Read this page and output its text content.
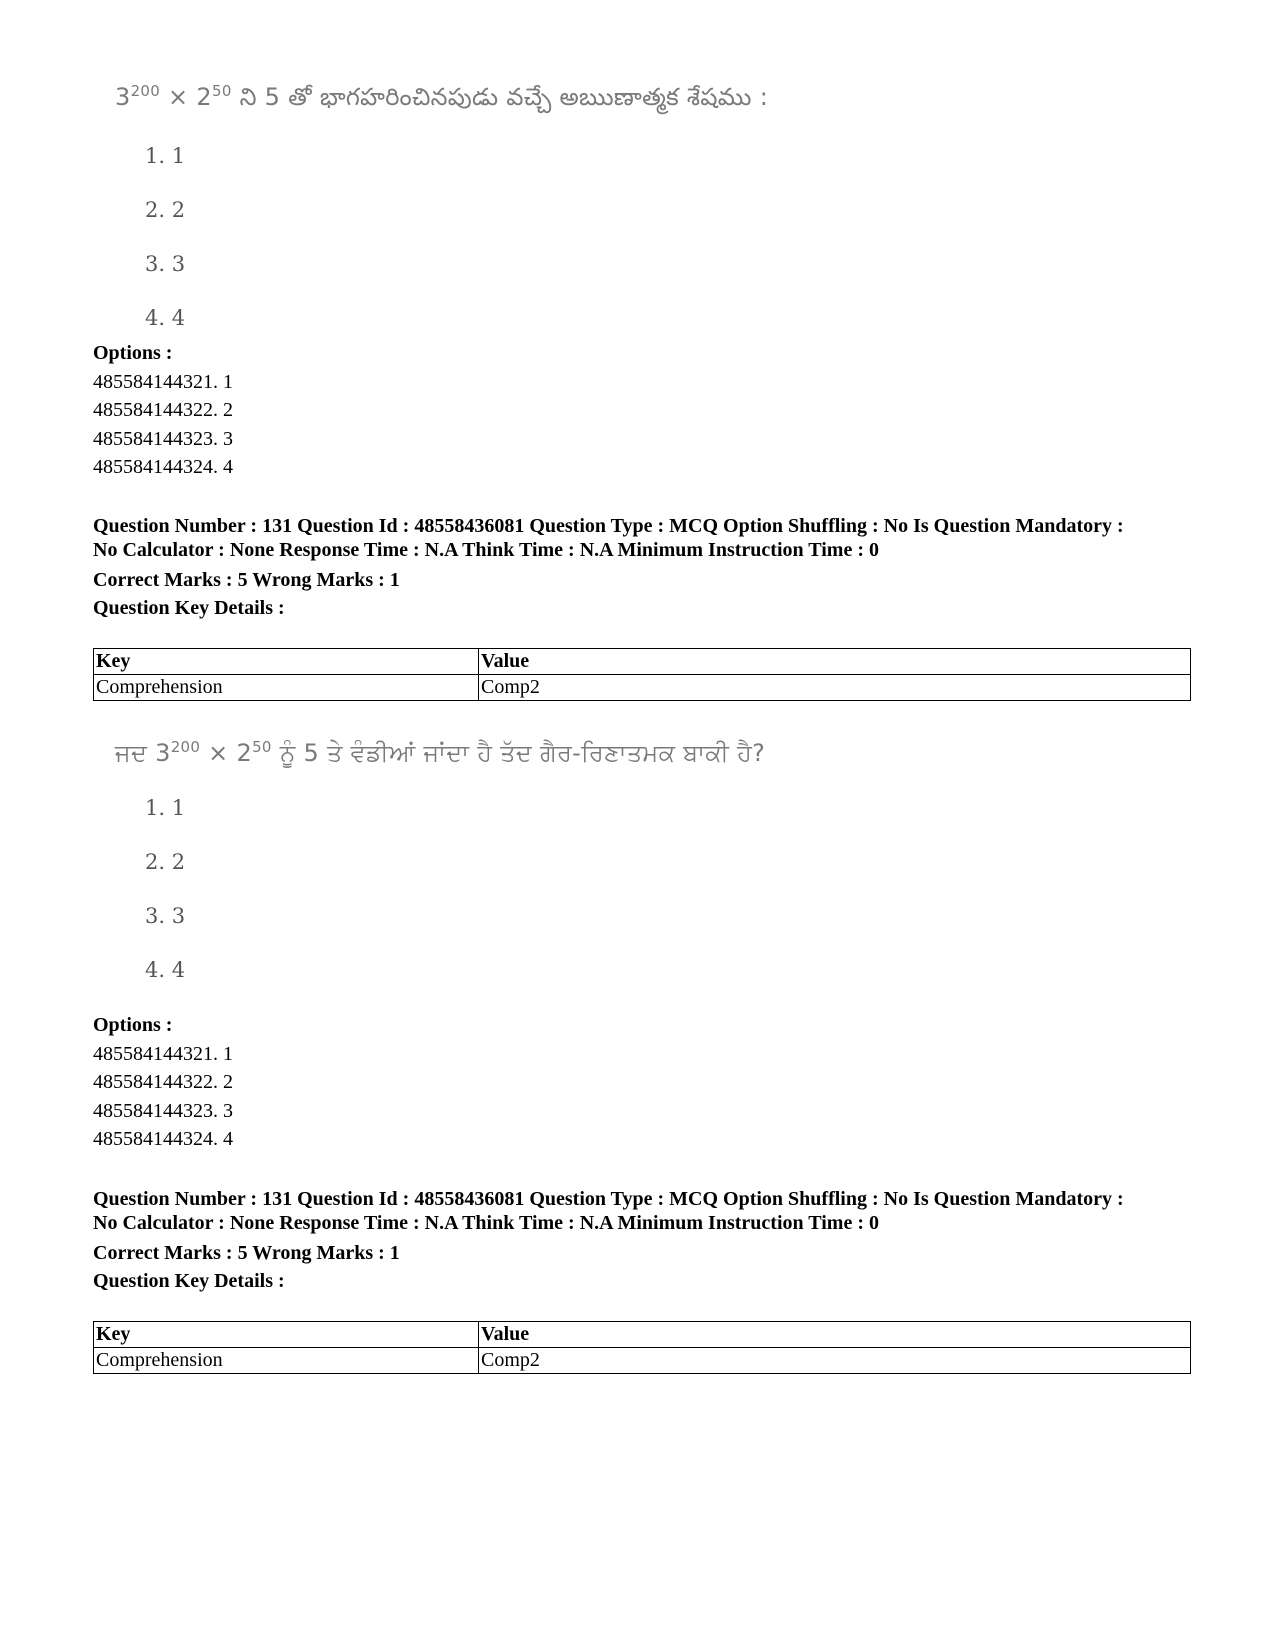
$3^{200} \times 2^{50}$ ని 5 తో భాగహరించినపుడు వచ్చే అఋణాత్మక శేషము :
1. 1
2. 2
3. 3
4. 4
Options :
485584144321. 1
485584144322. 2
485584144323. 3
485584144324. 4
Question Number : 131 Question Id : 48558436081 Question Type : MCQ Option Shuffling : No Is Question Mandatory :
No Calculator : None Response Time : N.A Think Time : N.A Minimum Instruction Time : 0
Correct Marks : 5 Wrong Marks : 1
Question Key Details :
Key	Value
Comprehension	Comp2
ਜਦ $3^{200} \times 2^{50}$ ਨੂੰ 5 ਤੇ ਵੰਡੀਆਂ ਜਾਂਦਾ ਹੈ ਤੱਦ ਗੈਰ-ਰਿਣਾਤਮਕ ਬਾਕੀ ਹੈ?
1. 1
2. 2
3. 3
4. 4
Options :
485584144321. 1
485584144322. 2
485584144323. 3
485584144324. 4
Question Number : 131 Question Id : 48558436081 Question Type : MCQ Option Shuffling : No Is Question Mandatory :
No Calculator : None Response Time : N.A Think Time : N.A Minimum Instruction Time : 0
Correct Marks : 5 Wrong Marks : 1
Question Key Details :
Key	Value
Comprehension	Comp2
